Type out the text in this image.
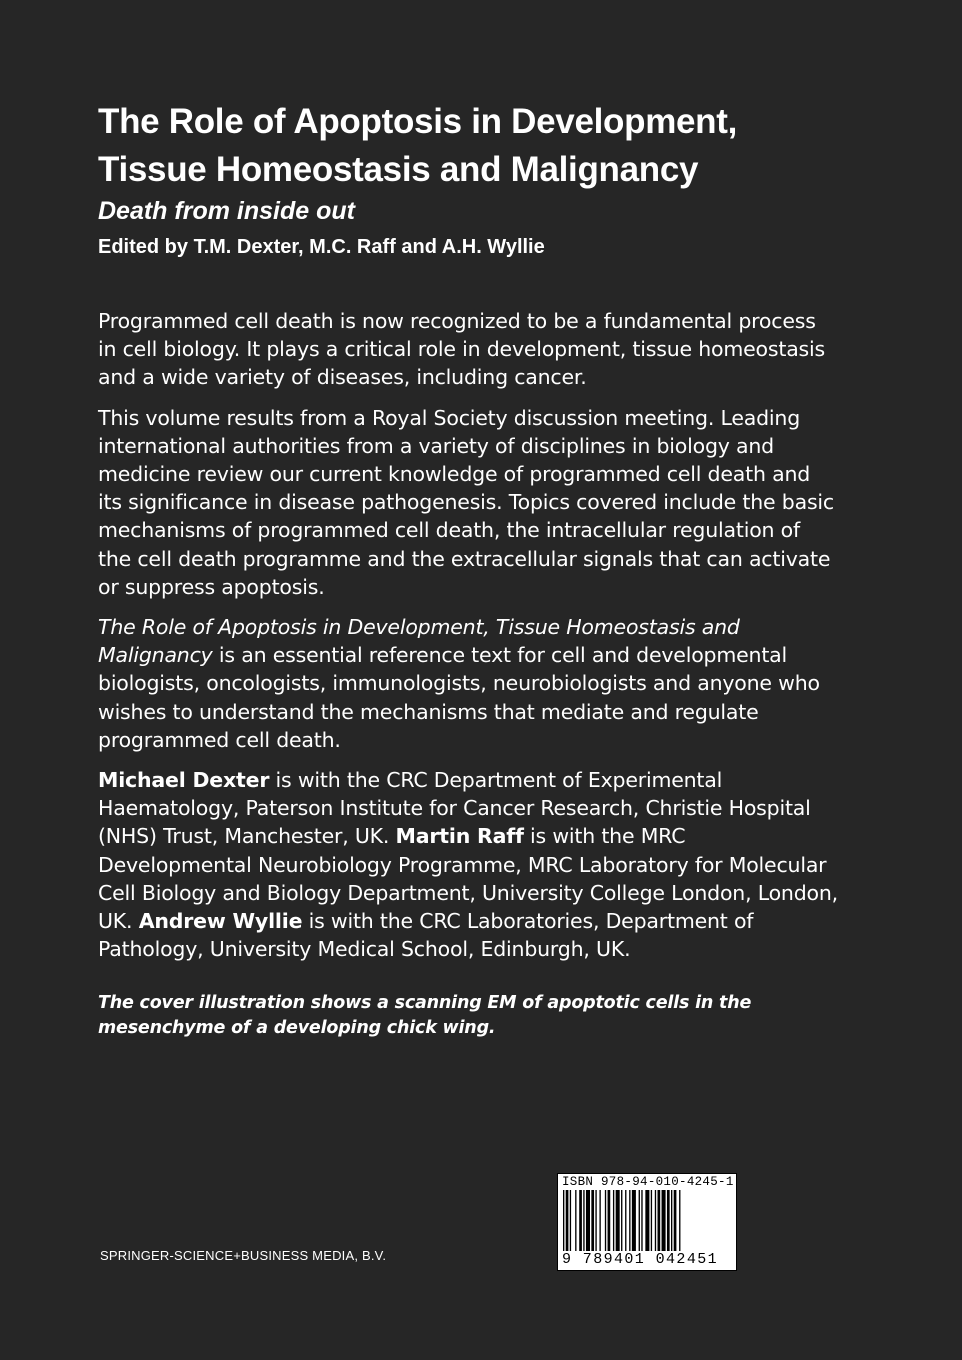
The Role of Apoptosis in Development,
Tissue Homeostasis and Malignancy

Death from inside out

Edited by T.M. Dexter, M.C. Raff and A.H. Wyllie

Programmed cell death is now recognized to be a fundamental process in cell biology. It plays a critical role in development, tissue homeostasis and a wide variety of diseases, including cancer.

This volume results from a Royal Society discussion meeting. Leading international authorities from a variety of disciplines in biology and medicine review our current knowledge of programmed cell death and its significance in disease pathogenesis. Topics covered include the basic mechanisms of programmed cell death, the intracellular regulation of the cell death programme and the extracellular signals that can activate or suppress apoptosis.

The Role of Apoptosis in Development, Tissue Homeostasis and Malignancy is an essential reference text for cell and developmental biologists, oncologists, immunologists, neurobiologists and anyone who wishes to understand the mechanisms that mediate and regulate programmed cell death.

Michael Dexter is with the CRC Department of Experimental Haematology, Paterson Institute for Cancer Research, Christie Hospital (NHS) Trust, Manchester, UK. Martin Raff is with the MRC Developmental Neurobiology Programme, MRC Laboratory for Molecular Cell Biology and Biology Department, University College London, London, UK. Andrew Wyllie is with the CRC Laboratories, Department of Pathology, University Medical School, Edinburgh, UK.

The cover illustration shows a scanning EM of apoptotic cells in the mesenchyme of a developing chick wing.

SPRINGER-SCIENCE+BUSINESS MEDIA, B.V.
ISBN 978-94-010-4245-1
9 789401 042451
